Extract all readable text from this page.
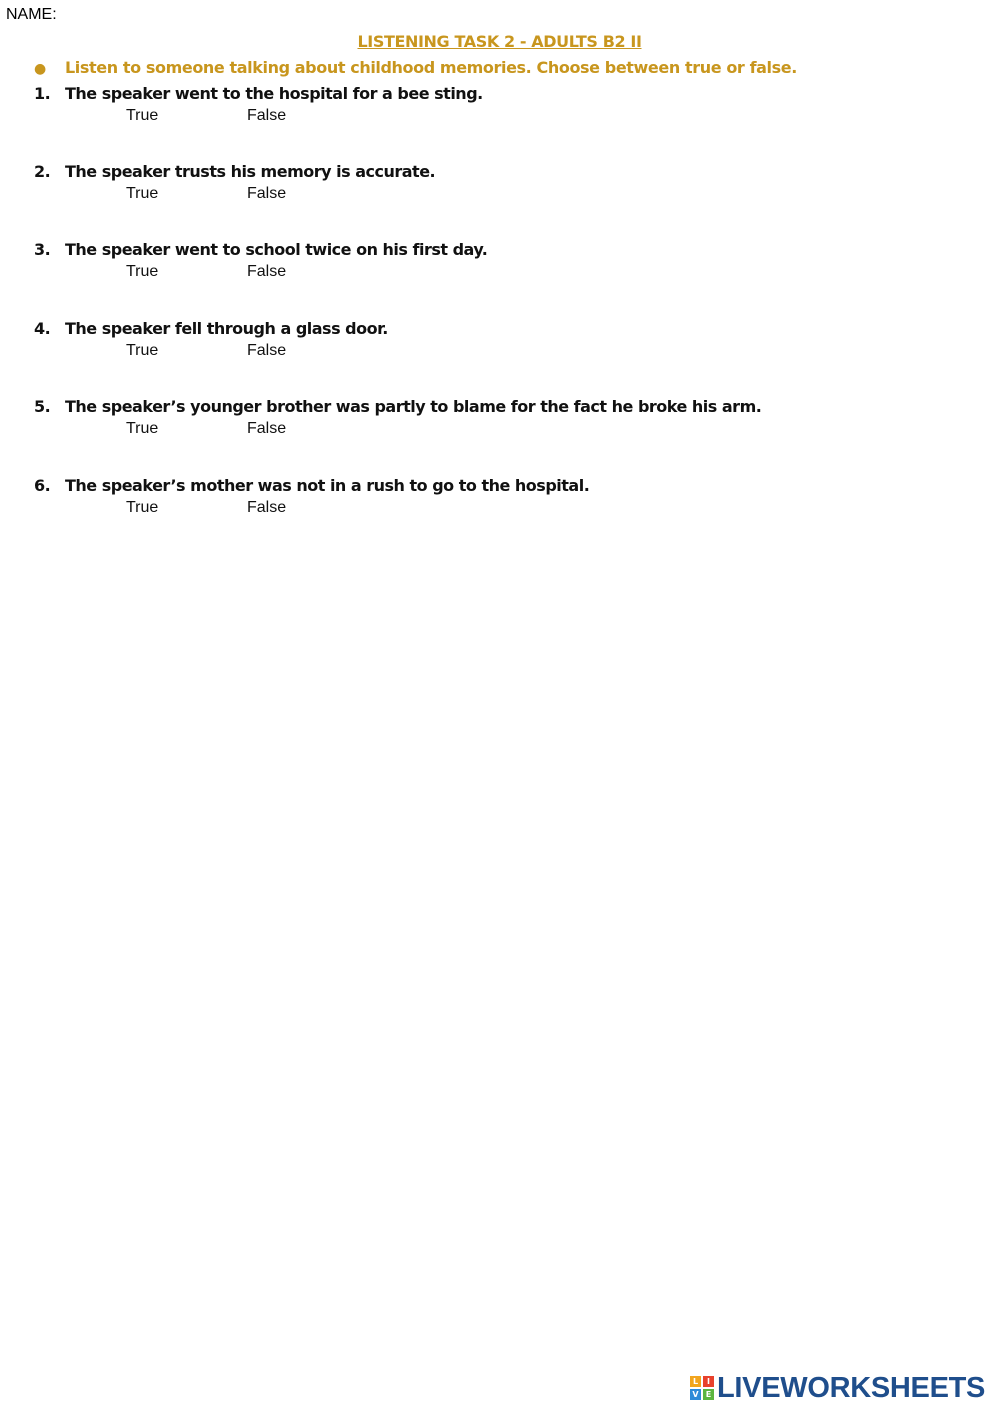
NAME:
LISTENING TASK 2 - ADULTS B2 II
● Listen to someone talking about childhood memories. Choose between true or false.
1. The speaker went to the hospital for a bee sting.
True	False
2. The speaker trusts his memory is accurate.
True	False
3. The speaker went to school twice on his first day.
True	False
4. The speaker fell through a glass door.
True	False
5. The speaker’s younger brother was partly to blame for the fact he broke his arm.
True	False
6. The speaker’s mother was not in a rush to go to the hospital.
True	False
L	I
V E LIVEWORKSHEETS
